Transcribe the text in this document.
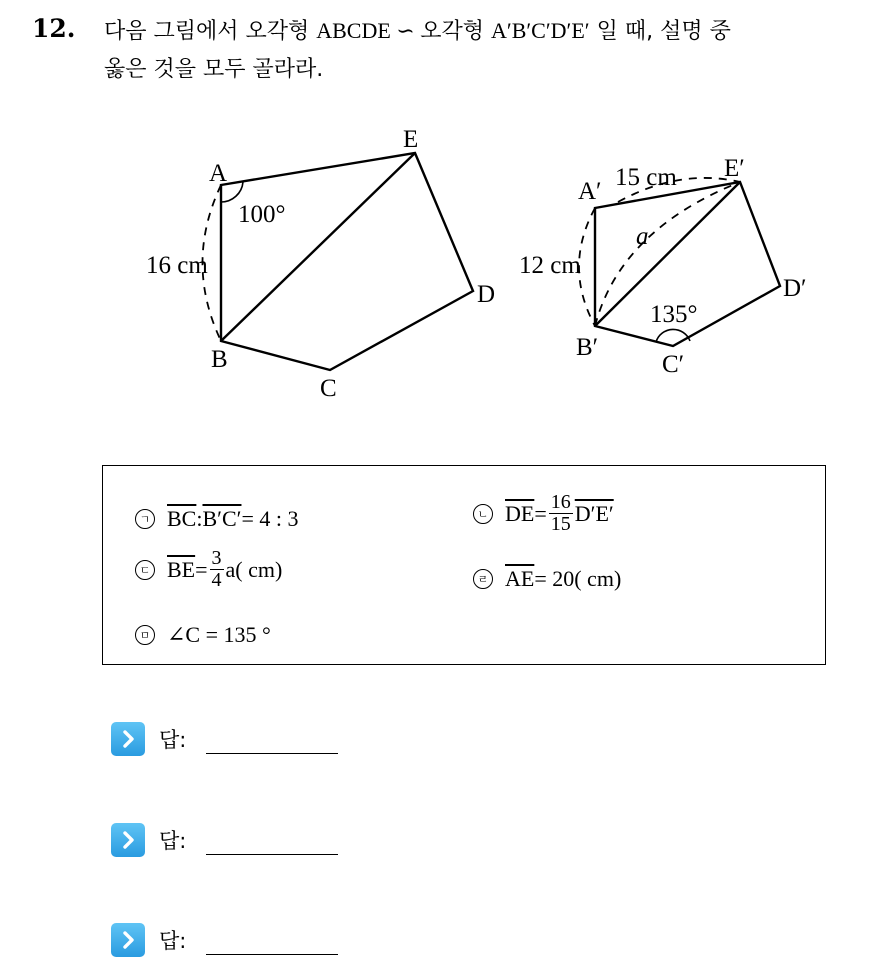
12. 다음 그림에서 오각형 ABCDE ∽ 오각형 A′B′C′D′E′ 일 때, 설명 중
옳은 것을 모두 골라라.
A
E
D
C
B
100°
16 cm
A′
E′
D′
C′
B′
15 cm
a
135°
12 cm
ㄱ $\overline{BC}$ : B′C′ = 4 : 3	ㄴ $\overline{DE} = \frac{16}{15} D'E'$
ㄷ $\overline{BE} = \frac{3}{4} a$( cm)	ㄹ $\overline{AE} = 20$( cm)
ㅁ ∠C = 135 °
답:
답:
답:
